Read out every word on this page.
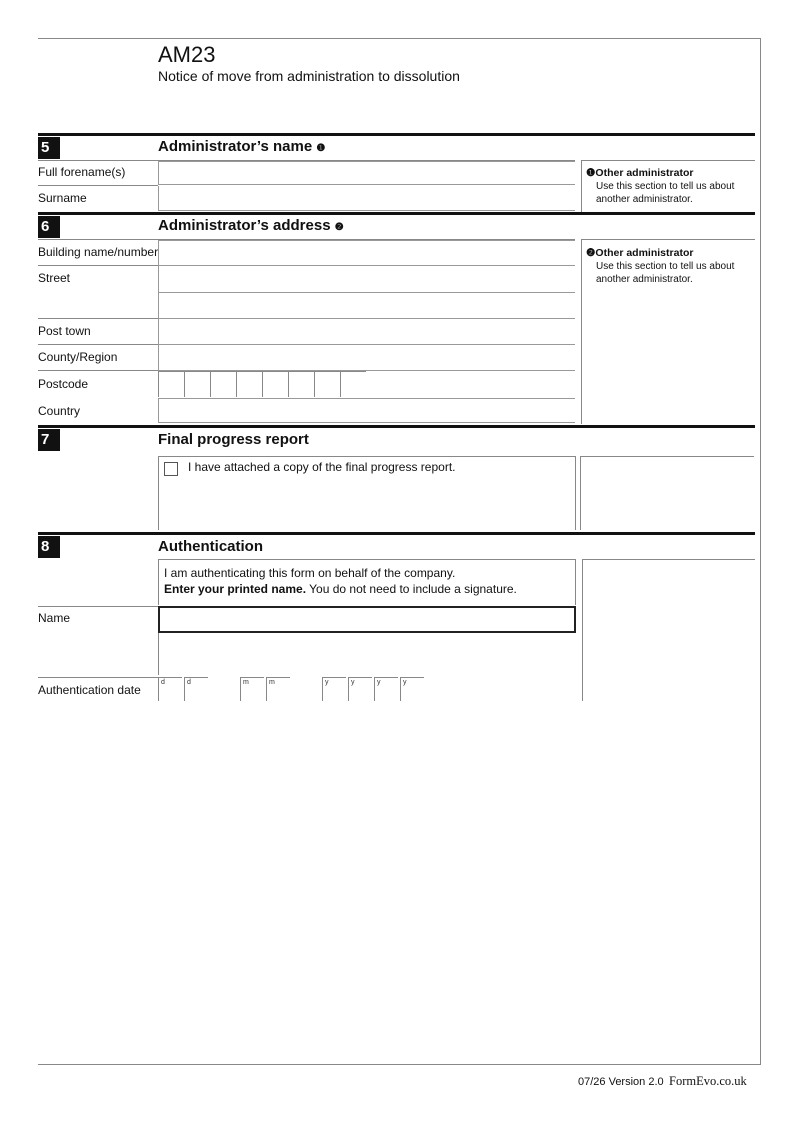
AM23
Notice of move from administration to dissolution
5	Administrator’s name ❶
Full forename(s)
Surname
❶Other administrator
Use this section to tell us about another administrator.
6	Administrator’s address ❷
Building name/number
Street
Post town
County/Region
Postcode
Country
❷Other administrator
Use this section to tell us about another administrator.
7	Final progress report
I have attached a copy of the final progress report.
8	Authentication
I am authenticating this form on behalf of the company.
Enter your printed name. You do not need to include a signature.
Name
Authentication date
d	d	m	m	y	y	y	y
07/26 Version 2.0 FormEvo.co.uk
